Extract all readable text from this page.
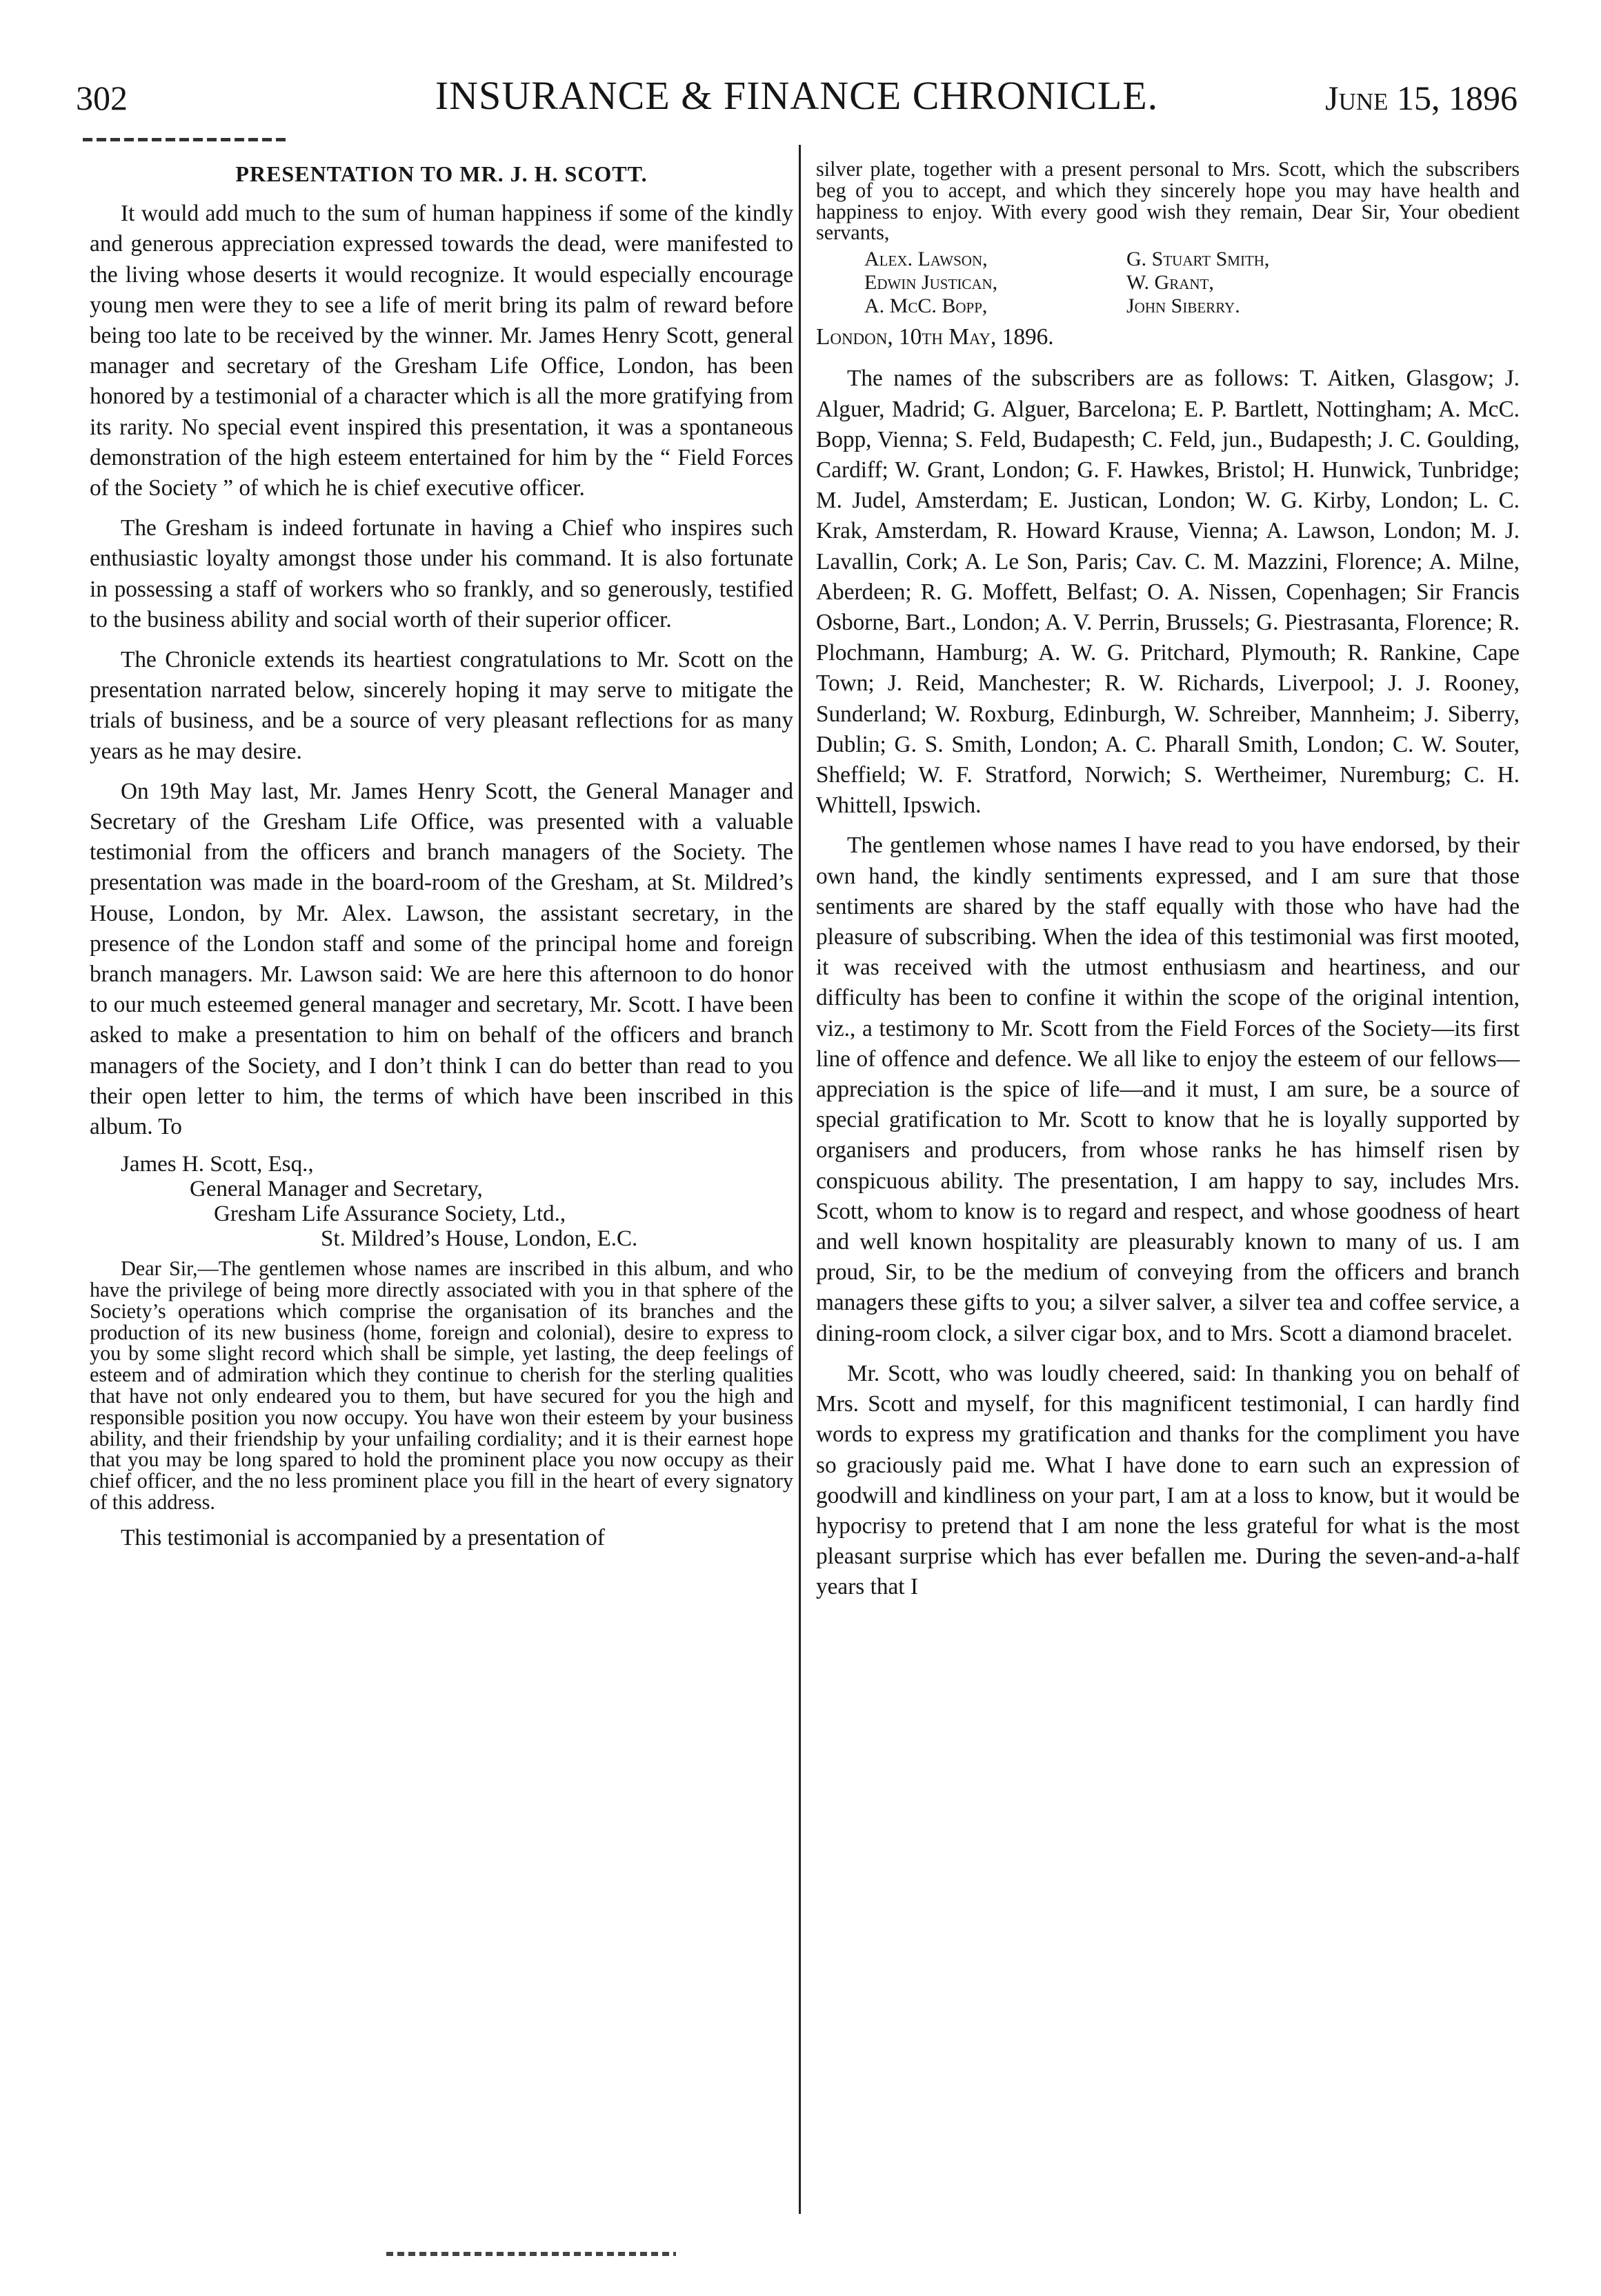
302	INSURANCE & FINANCE CHRONICLE.	June 15, 1896

PRESENTATION TO MR. J. H. SCOTT.

It would add much to the sum of human happiness if some of the kindly and generous appreciation expressed towards the dead, were manifested to the living whose deserts it would recognize. It would especially encourage young men were they to see a life of merit bring its palm of reward before being too late to be received by the winner. Mr. James Henry Scott, general manager and secretary of the Gresham Life Office, London, has been honored by a testimonial of a character which is all the more gratifying from its rarity. No special event inspired this presentation, it was a spontaneous demonstration of the high esteem entertained for him by the “ Field Forces of the Society ” of which he is chief executive officer.

The Gresham is indeed fortunate in having a Chief who inspires such enthusiastic loyalty amongst those under his command. It is also fortunate in possessing a staff of workers who so frankly, and so generously, testified to the business ability and social worth of their superior officer.

The Chronicle extends its heartiest congratulations to Mr. Scott on the presentation narrated below, sincerely hoping it may serve to mitigate the trials of business, and be a source of very pleasant reflections for as many years as he may desire.

On 19th May last, Mr. James Henry Scott, the General Manager and Secretary of the Gresham Life Office, was presented with a valuable testimonial from the officers and branch managers of the Society. The presentation was made in the board-room of the Gresham, at St. Mildred’s House, London, by Mr. Alex. Lawson, the assistant secretary, in the presence of the London staff and some of the principal home and foreign branch managers. Mr. Lawson said: We are here this afternoon to do honor to our much esteemed general manager and secretary, Mr. Scott. I have been asked to make a presentation to him on behalf of the officers and branch managers of the Society, and I don’t think I can do better than read to you their open letter to him, the terms of which have been inscribed in this album. To

James H. Scott, Esq.,
General Manager and Secretary,
Gresham Life Assurance Society, Ltd.,
St. Mildred’s House, London, E.C.

Dear Sir,—The gentlemen whose names are inscribed in this album, and who have the privilege of being more directly associated with you in that sphere of the Society’s operations which comprise the organisation of its branches and the production of its new business (home, foreign and colonial), desire to express to you by some slight record which shall be simple, yet lasting, the deep feelings of esteem and of admiration which they continue to cherish for the sterling qualities that have not only endeared you to them, but have secured for you the high and responsible position you now occupy. You have won their esteem by your business ability, and their friendship by your unfailing cordiality; and it is their earnest hope that you may be long spared to hold the prominent place you now occupy as their chief officer, and the no less prominent place you fill in the heart of every signatory of this address.

This testimonial is accompanied by a presentation of

silver plate, together with a present personal to Mrs. Scott, which the subscribers beg of you to accept, and which they sincerely hope you may have health and happiness to enjoy. With every good wish they remain, Dear Sir, Your obedient servants,

Alex. Lawson,	G. Stuart Smith,
Edwin Justican,	W. Grant,
A. McC. Bopp,	John Siberry.

London, 10th May, 1896.

The names of the subscribers are as follows: T. Aitken, Glasgow; J. Alguer, Madrid; G. Alguer, Barcelona; E. P. Bartlett, Nottingham; A. McC. Bopp, Vienna; S. Feld, Budapesth; C. Feld, jun., Budapesth; J. C. Goulding, Cardiff; W. Grant, London; G. F. Hawkes, Bristol; H. Hunwick, Tunbridge; M. Judel, Amsterdam; E. Justican, London; W. G. Kirby, London; L. C. Krak, Amsterdam, R. Howard Krause, Vienna; A. Lawson, London; M. J. Lavallin, Cork; A. Le Son, Paris; Cav. C. M. Mazzini, Florence; A. Milne, Aberdeen; R. G. Moffett, Belfast; O. A. Nissen, Copenhagen; Sir Francis Osborne, Bart., London; A. V. Perrin, Brussels; G. Piestrasanta, Florence; R. Plochmann, Hamburg; A. W. G. Pritchard, Plymouth; R. Rankine, Cape Town; J. Reid, Manchester; R. W. Richards, Liverpool; J. J. Rooney, Sunderland; W. Roxburg, Edinburgh, W. Schreiber, Mannheim; J. Siberry, Dublin; G. S. Smith, London; A. C. Pharall Smith, London; C. W. Souter, Sheffield; W. F. Stratford, Norwich; S. Wertheimer, Nuremburg; C. H. Whittell, Ipswich.

The gentlemen whose names I have read to you have endorsed, by their own hand, the kindly sentiments expressed, and I am sure that those sentiments are shared by the staff equally with those who have had the pleasure of subscribing. When the idea of this testimonial was first mooted, it was received with the utmost enthusiasm and heartiness, and our difficulty has been to confine it within the scope of the original intention, viz., a testimony to Mr. Scott from the Field Forces of the Society—its first line of offence and defence. We all like to enjoy the esteem of our fellows—appreciation is the spice of life—and it must, I am sure, be a source of special gratification to Mr. Scott to know that he is loyally supported by organisers and producers, from whose ranks he has himself risen by conspicuous ability. The presentation, I am happy to say, includes Mrs. Scott, whom to know is to regard and respect, and whose goodness of heart and well known hospitality are pleasurably known to many of us. I am proud, Sir, to be the medium of conveying from the officers and branch managers these gifts to you; a silver salver, a silver tea and coffee service, a dining-room clock, a silver cigar box, and to Mrs. Scott a diamond bracelet.

Mr. Scott, who was loudly cheered, said: In thanking you on behalf of Mrs. Scott and myself, for this magnificent testimonial, I can hardly find words to express my gratification and thanks for the compliment you have so graciously paid me. What I have done to earn such an expression of goodwill and kindliness on your part, I am at a loss to know, but it would be hypocrisy to pretend that I am none the less grateful for what is the most pleasant surprise which has ever befallen me. During the seven-and-a-half years that I
